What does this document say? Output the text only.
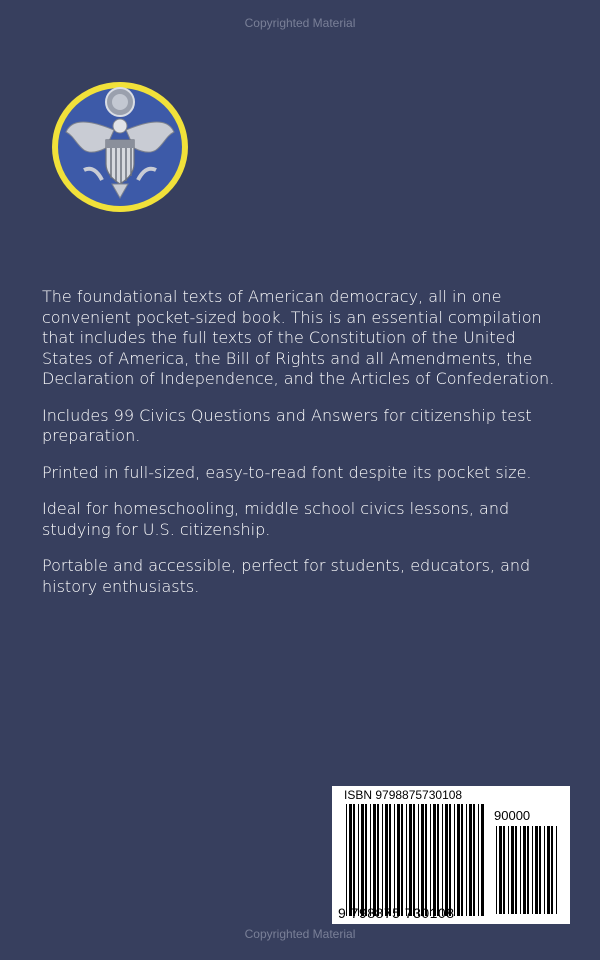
Copyrighted Material

The foundational texts of American democracy, all in one convenient pocket-sized book. This is an essential compilation that includes the full texts of the Constitution of the United States of America, the Bill of Rights and all Amendments, the Declaration of Independence, and the Articles of Confederation.

Includes 99 Civics Questions and Answers for citizenship test preparation.

Printed in full-sized, easy-to-read font despite its pocket size.

Ideal for homeschooling, middle school civics lessons, and studying for U.S. citizenship.

Portable and accessible, perfect for students, educators, and history enthusiasts.

ISBN 9798875730108
90000
9 798875 730108
Copyrighted Material
